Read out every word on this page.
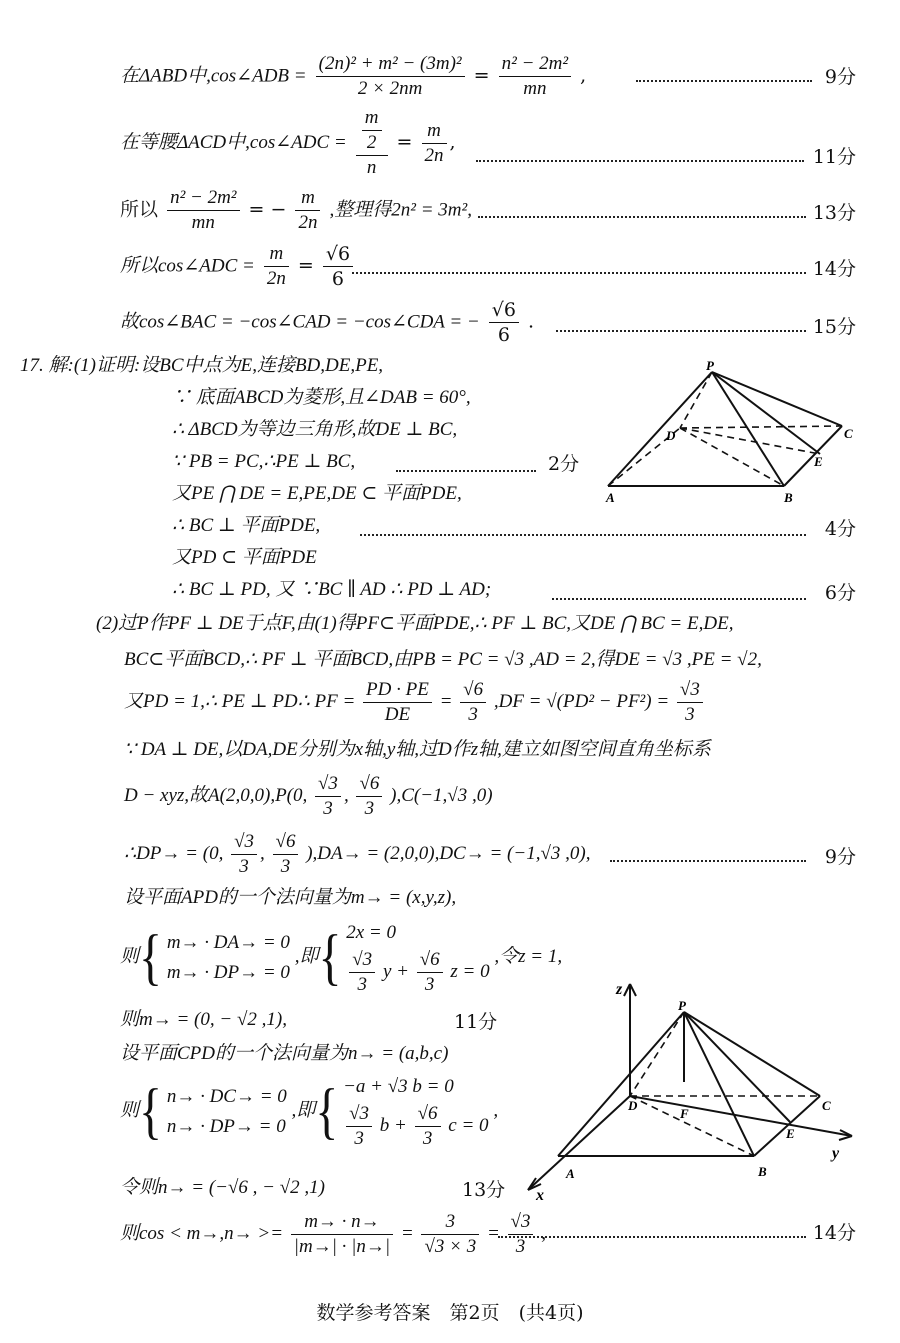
在ΔABD中,cos∠ADB = $\frac{\text{(2n)² + m² − (3m)²}}{2 \times 2nm} = \frac{\text{n² − 2m²}}{mn}$ ,	9分
在等腰ΔACD中,cos∠ADC = m
2
$n = \frac{m}{2n}$ ,
11分
所以 $\frac{\text{n² − 2m²}}{mn}$ = − $\frac{m}{2n}$ ,整理得2n² = 3m²,	13分
所以cos∠ADC = $\frac{m}{2n} = \frac{√6}{6}$	14分
故cos∠BAC = −cos∠CAD = −cos∠CDA = − $\frac{√6}{6}$ .	15分
17. 解:(1)证明:设BC中点为E,连接BD,DE,PE,
∵ 底面ABCD为菱形,且∠DAB = 60°,
∴ ΔBCD为等边三角形,故DE ⊥ BC,
∵ PB = PC,∴PE ⊥ BC,	2分
又PE ⋂ DE = E,PE,DE ⊂ 平面PDE,
∴ BC ⊥ 平面PDE,	4分
又PD ⊂ 平面PDE
∴ BC ⊥ PD, 又 ∵BC ∥ AD ∴ PD ⊥ AD;	6分
P
D	C
E
A	B
(2)过P作PF ⊥ DE于点F,由(1)得PF⊂平面PDE,∴ PF ⊥ BC,又DE ⋂ BC = E,DE,
BC⊂平面BCD,∴ PF ⊥ 平面BCD,由PB = PC = √3 ,AD = 2,得DE = √3 ,PE = √2,
又PD = 1,∴ PE ⊥ PD∴ PF = $\frac{PD \cdot PE}{DE} = \frac{√6}{3} ,DF = √(PD^2 - PF^2) = \frac{√3}{3}$
∵ DA ⊥ DE,以DA,DE分别为x轴,y轴,过D作z轴,建立如图空间直角坐标系
D − xyz,故A(2,0,0),P(0, $\frac{√3}{3}$ , $\frac{√6}{3} ),C(-1,√3$ ,0)
∴DP→ = (0, $\frac{√3}{3}$ , $\frac{√6}{3} ),DA\to = (2,0,0),DC\to = (-1,√3$ ,0),	9分
设平面APD的一个法向量为m→ = (x,y,z),
则{ m→ · DA→ = 0
m→ · DP→ = 0
,即{ 2x = 0
$\frac{√3}{3}$ $y + \frac{√6}{3}$ z = 0
,令z = 1,
则m→ = (0, − √2 ,1),	11分
设平面CPD的一个法向量为n→ = (a,b,c)
则{ n→ · DC→ = 0
n→ · DP→ = 0
,即{ −a + √3 b = 0
$\frac{√3}{3}$ $b + \frac{√6}{3}$ c = 0
,
令则n→ = (−√6 , − √2 ,1)	13分
则$\cos < m\to,n\to >= \frac{m\to \cdot n\to}{|m\to| \cdot |n\to|} = \frac{3}{√3 \times 3} = \frac{√3}{3}$ ,	14分
z
P
D
F
C
E
y
A	B
x
数学参考答案　第2页　(共4页)
